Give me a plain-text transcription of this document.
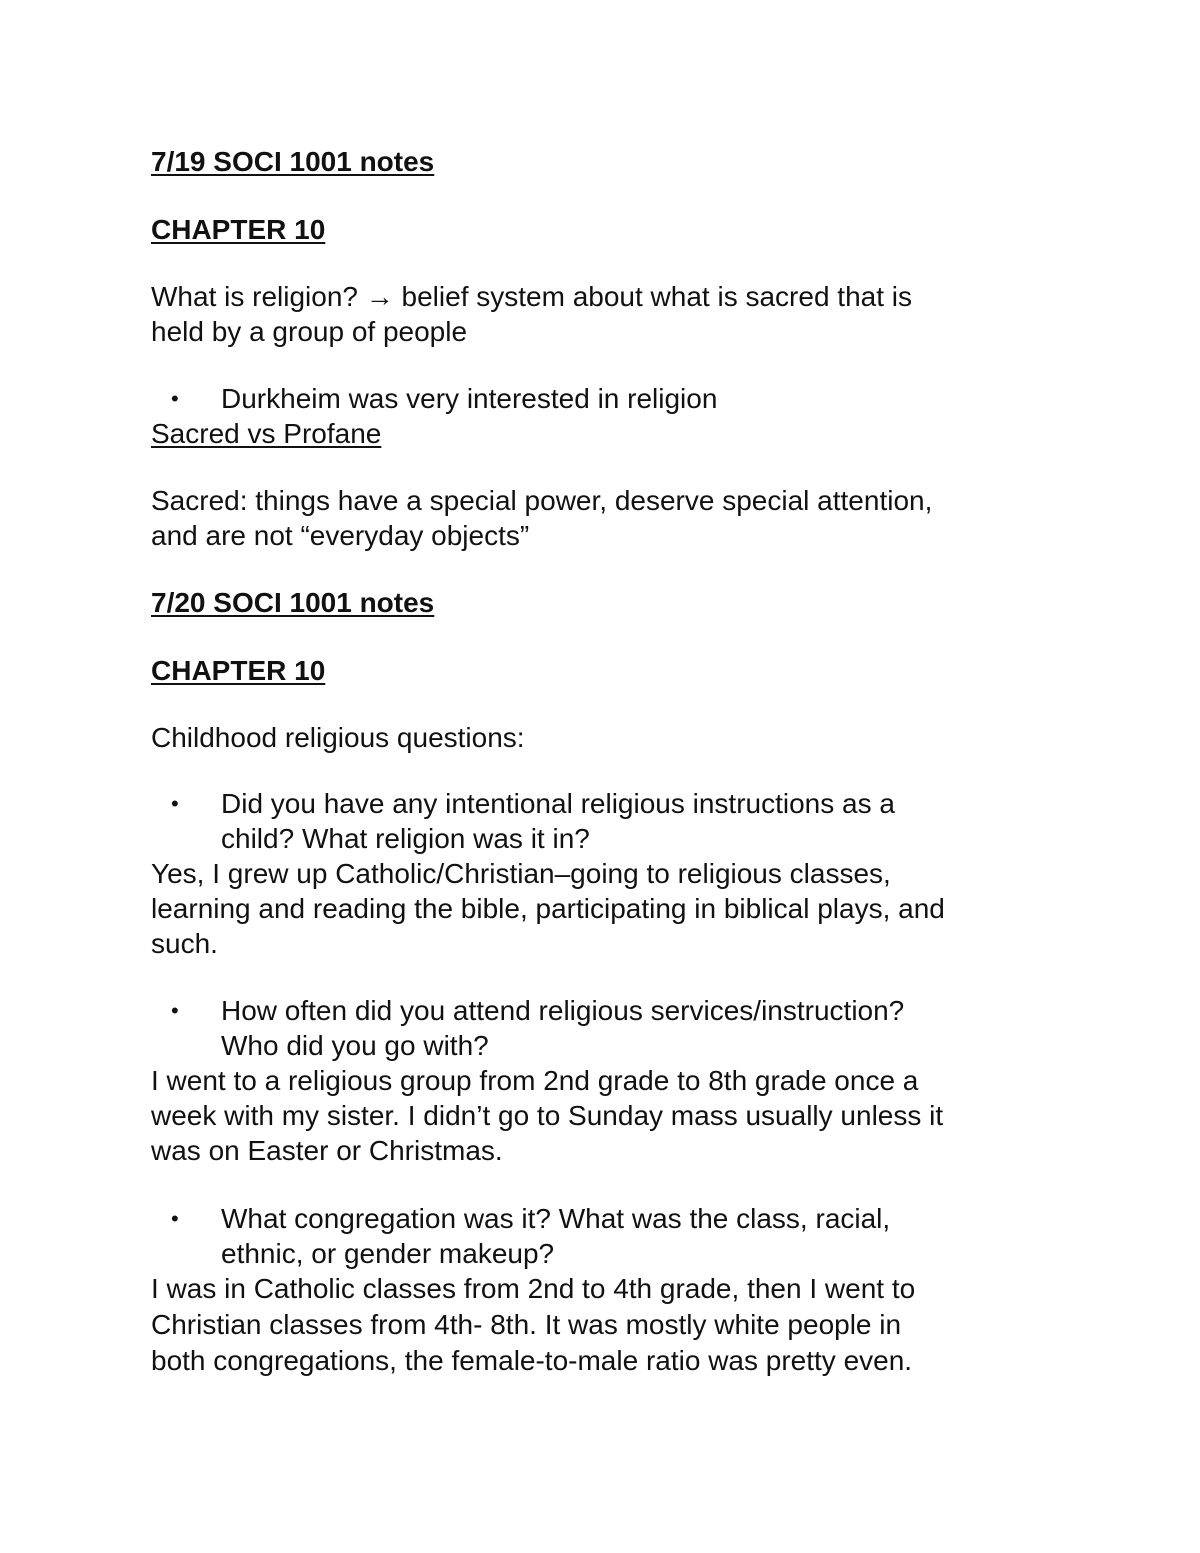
7/19 SOCI 1001 notes
CHAPTER 10
What is religion? → belief system about what is sacred that is
held by a group of people
• Durkheim was very interested in religion
Sacred vs Profane
Sacred: things have a special power, deserve special attention,
and are not “everyday objects”
7/20 SOCI 1001 notes
CHAPTER 10
Childhood religious questions:
• Did you have any intentional religious instructions as a
child? What religion was it in?
Yes, I grew up Catholic/Christian–going to religious classes,
learning and reading the bible, participating in biblical plays, and
such.
• How often did you attend religious services/instruction?
Who did you go with?
I went to a religious group from 2nd grade to 8th grade once a
week with my sister. I didn’t go to Sunday mass usually unless it
was on Easter or Christmas.
• What congregation was it? What was the class, racial,
ethnic, or gender makeup?
I was in Catholic classes from 2nd to 4th grade, then I went to
Christian classes from 4th- 8th. It was mostly white people in
both congregations, the female-to-male ratio was pretty even.
